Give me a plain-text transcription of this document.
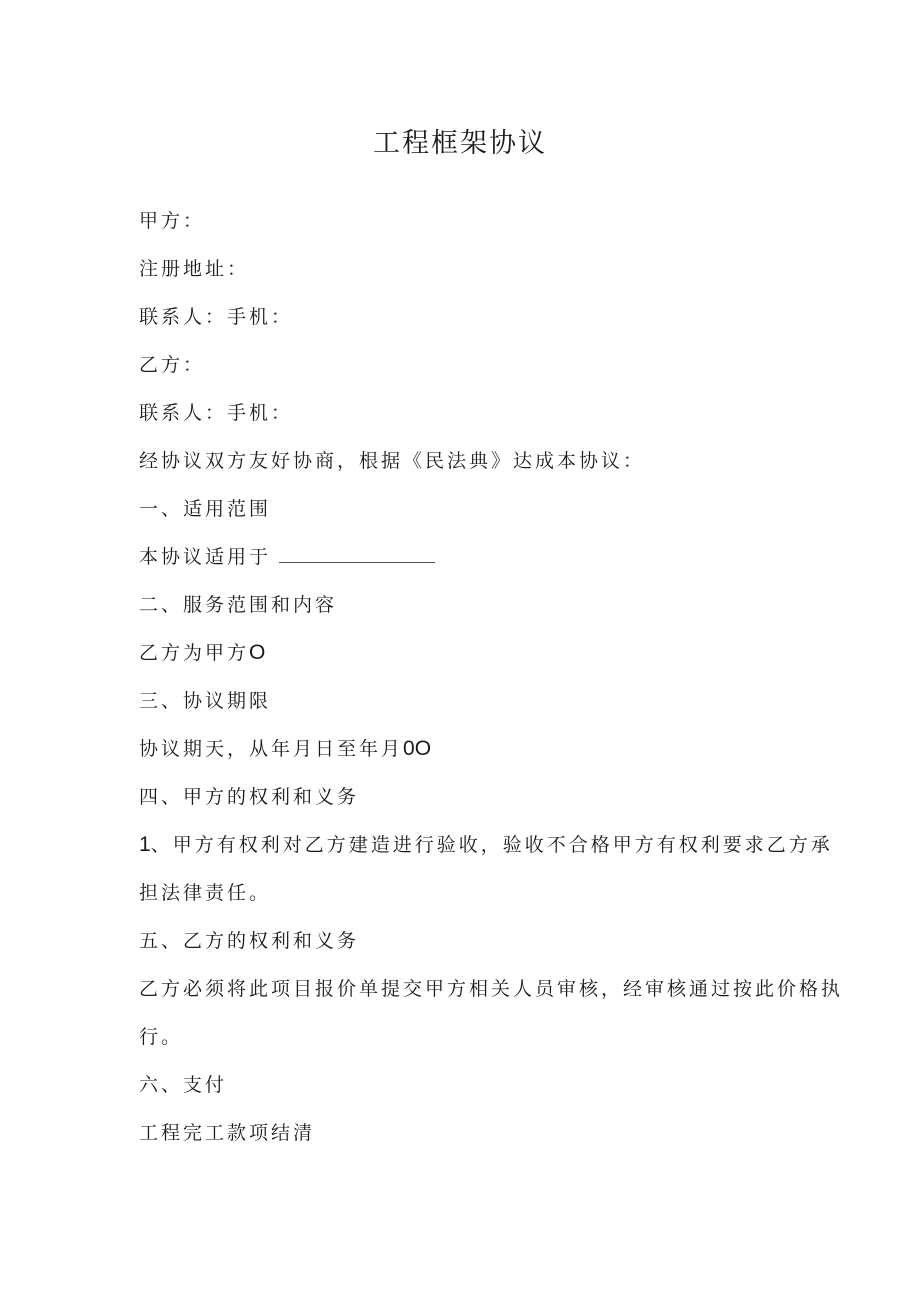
工程框架协议
甲方：
注册地址：
联系人：手机：
乙方：
联系人：手机：
经协议双方友好协商，根据《民法典》达成本协议：
一、适用范围
本协议适用于
二、服务范围和内容
乙方为甲方O
三、协议期限
协议期天，从年月日至年月0O
四、甲方的权利和义务
1、甲方有权利对乙方建造进行验收，验收不合格甲方有权利要求乙方承
担法律责任。
五、乙方的权利和义务
乙方必须将此项目报价单提交甲方相关人员审核，经审核通过按此价格执
行。
六、支付
工程完工款项结清
